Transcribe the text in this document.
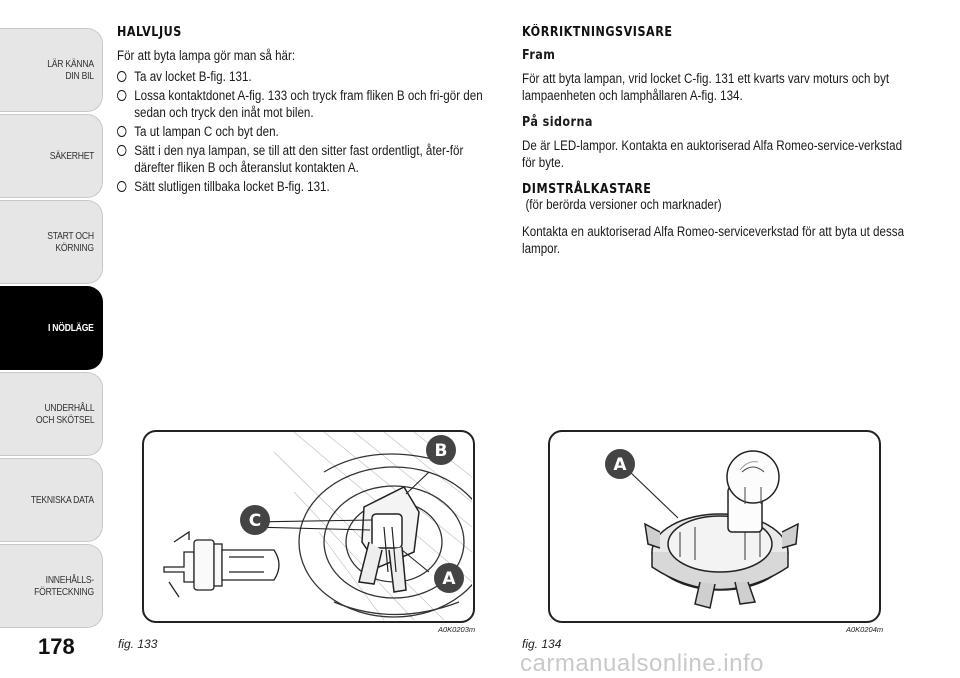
LÄR KÄNNA
DIN BIL
SÄKERHET
START OCH
KÖRNING
I NÖDLÄGE
UNDERHÅLL
OCH SKÖTSEL
TEKNISKA DATA
INNEHÅLLS-
FÖRTECKNING
178
HALVLJUS

För att byta lampa gör man så här:

Ta av locket B-fig. 131.
Lossa kontaktdonet A-fig. 133 och tryck fram fliken B och fri-gör den sedan och tryck den inåt mot bilen.
Ta ut lampan C och byt den.
Sätt i den nya lampan, se till att den sitter fast ordentligt, åter-för därefter fliken B och återanslut kontakten A.
Sätt slutligen tillbaka locket B-fig. 131.
KÖRRIKTNINGSVISARE
Fram

För att byta lampan, vrid locket C-fig. 131 ett kvarts varv moturs och byt lampaenheten och lamphållaren A-fig. 134.

På sidorna

De är LED-lampor. Kontakta en auktoriserad Alfa Romeo-service-verkstad för byte.

DIMSTRÅLKASTARE

(för berörda versioner och marknader)

Kontakta en auktoriserad Alfa Romeo-serviceverkstad för att byta ut dessa lampor.

B
C
A
fig. 133
A0K0203m
A
fig. 134
A0K0204m
carmanualsonline.info
